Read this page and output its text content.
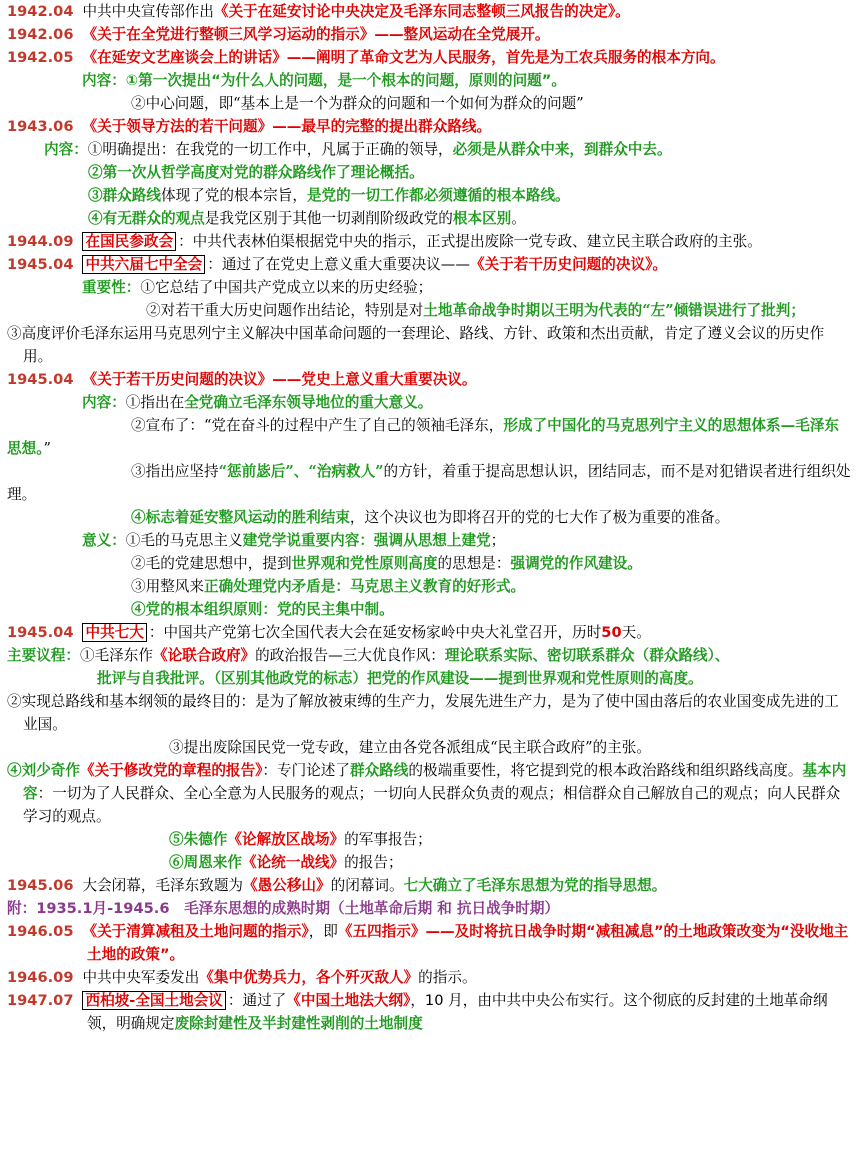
1942.04 中共中央宣传部作出《关于在延安讨论中央决定及毛泽东同志整顿三风报告的决定》。
1942.06 《关于在全党进行整顿三风学习运动的指示》——整风运动在全党展开。
1942.05 《在延安文艺座谈会上的讲话》——阐明了革命文艺为人民服务，首先是为工农兵服务的根本方向。
内容：①第一次提出“为什么人的问题，是一个根本的问题，原则的问题”。
②中心问题，即“基本上是一个为群众的问题和一个如何为群众的问题”
1943.06 《关于领导方法的若干问题》——最早的完整的提出群众路线。
内容：①明确提出：在我党的一切工作中，凡属于正确的领导，必须是从群众中来，到群众中去。
②第一次从哲学高度对党的群众路线作了理论概括。
③群众路线体现了党的根本宗旨，是党的一切工作都必须遵循的根本路线。
④有无群众的观点是我党区别于其他一切剥削阶级政党的根本区别。
1944.09 在国民参政会 ：中共代表林伯渠根据党中央的指示，正式提出废除一党专政、建立民主联合政府的主张。
1945.04 中共六届七中全会 ：通过了在党史上意义重大重要决议——《关于若干历史问题的决议》。
重要性：①它总结了中国共产党成立以来的历史经验；
②对若干重大历史问题作出结论，特别是对土地革命战争时期以王明为代表的“左”倾错误进行了批判；
③高度评价毛泽东运用马克思列宁主义解决中国革命问题的一套理论、路线、方针、政策和杰出贡献，肯定了遵义会议的历史作用。
1945.04 《关于若干历史问题的决议》——党史上意义重大重要决议。
内容：①指出在全党确立毛泽东领导地位的重大意义。
②宣布了：“党在奋斗的过程中产生了自己的领袖毛泽东，形成了中国化的马克思列宁主义的思想体系—毛泽东思想。”
③指出应坚持“惩前毖后”、“治病救人”的方针，着重于提高思想认识，团结同志，而不是对犯错误者进行组织处理。
④标志着延安整风运动的胜利结束，这个决议也为即将召开的党的七大作了极为重要的准备。
意义：①毛的马克思主义建党学说重要内容：强调从思想上建党；
②毛的党建思想中，提到世界观和党性原则高度的思想是：强调党的作风建设。
③用整风来正确处理党内矛盾是：马克思主义教育的好形式。
④党的根本组织原则：党的民主集中制。
1945.04 中共七大 ：中国共产党第七次全国代表大会在延安杨家岭中央大礼堂召开，历时50天。
主要议程：①毛泽东作《论联合政府》的政治报告—三大优良作风：理论联系实际、密切联系群众（群众路线）、
批评与自我批评。（区别其他政党的标志）把党的作风建设——提到世界观和党性原则的高度。
②实现总路线和基本纲领的最终目的：是为了解放被束缚的生产力，发展先进生产力，是为了使中国由落后的农业国变成先进的工业国。
③提出废除国民党一党专政，建立由各党各派组成“民主联合政府”的主张。
④刘少奇作《关于修改党的章程的报告》：专门论述了群众路线的极端重要性，将它提到党的根本政治路线和组织路线高度。基本内容：一切为了人民群众、全心全意为人民服务的观点；一切向人民群众负责的观点；相信群众自己解放自己的观点；向人民群众学习的观点。
⑤朱德作《论解放区战场》的军事报告；
⑥周恩来作《论统一战线》的报告；
1945.06 大会闭幕，毛泽东致题为《愚公移山》的闭幕词。七大确立了毛泽东思想为党的指导思想。
附：1935.1月-1945.6　毛泽东思想的成熟时期（土地革命后期 和 抗日战争时期）
1946.05 《关于清算减租及土地问题的指示》，即《五四指示》——及时将抗日战争时期“减租减息”的土地政策改变为“没收地主土地的政策”。
1946.09 中共中央军委发出《集中优势兵力，各个歼灭敌人》的指示。
1947.07 西柏坡-全国土地会议 ：通过了《中国土地法大纲》，10 月，由中共中央公布实行。这个彻底的反封建的土地革命纲领，明确规定废除封建性及半封建性剥削的土地制度
